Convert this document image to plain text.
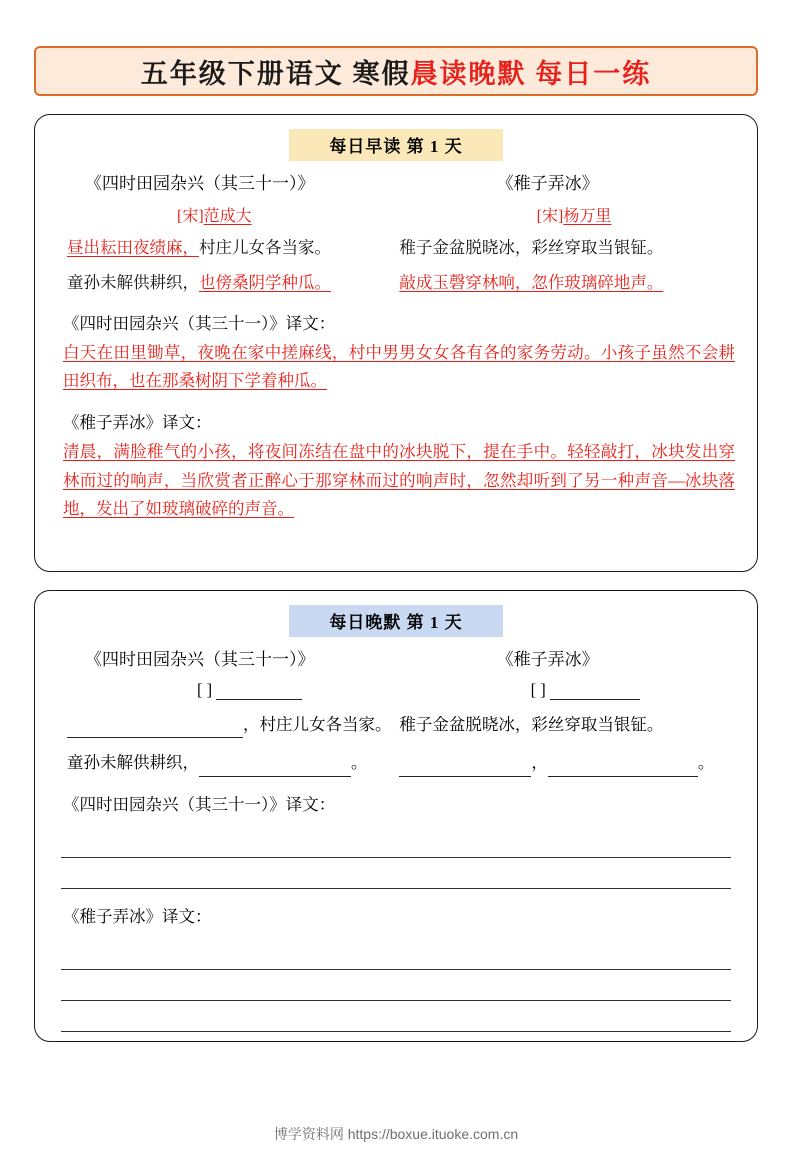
五年级下册语文 寒假 晨读晚默 每日一练
每日早读 第 1 天
《四时田园杂兴（其三十一）》	《稚子弄冰》
[宋]范成大	[宋]杨万里
昼出耘田夜绩麻，村庄儿女各当家。	稚子金盆脱晓冰，彩丝穿取当银钲。
童孙未解供耕织，也傍桑阴学种瓜。	敲成玉磬穿林响，忽作玻璃碎地声。
《四时田园杂兴（其三十一）》译文：
白天在田里锄草，夜晚在家中搓麻线，村中男男女女各有各的家务劳动。小孩子虽然不会耕田织布，也在那桑树阴下学着种瓜。
《稚子弄冰》译文：
清晨，满脸稚气的小孩，将夜间冻结在盘中的冰块脱下，提在手中。轻轻敲打，冰块发出穿林而过的响声，当欣赏者正醉心于那穿林而过的响声时，忽然却听到了另一种声音—冰块落地，发出了如玻璃破碎的声音。
每日晚默 第 1 天
《四时田园杂兴（其三十一）》	《稚子弄冰》
[ ]	[ ]
，村庄儿女各当家。 稚子金盆脱晓冰，彩丝穿取当银钲。
童孙未解供耕织，	。	，	。
《四时田园杂兴（其三十一）》译文：
《稚子弄冰》译文：
博学资料网 https://boxue.ituoke.com.cn
